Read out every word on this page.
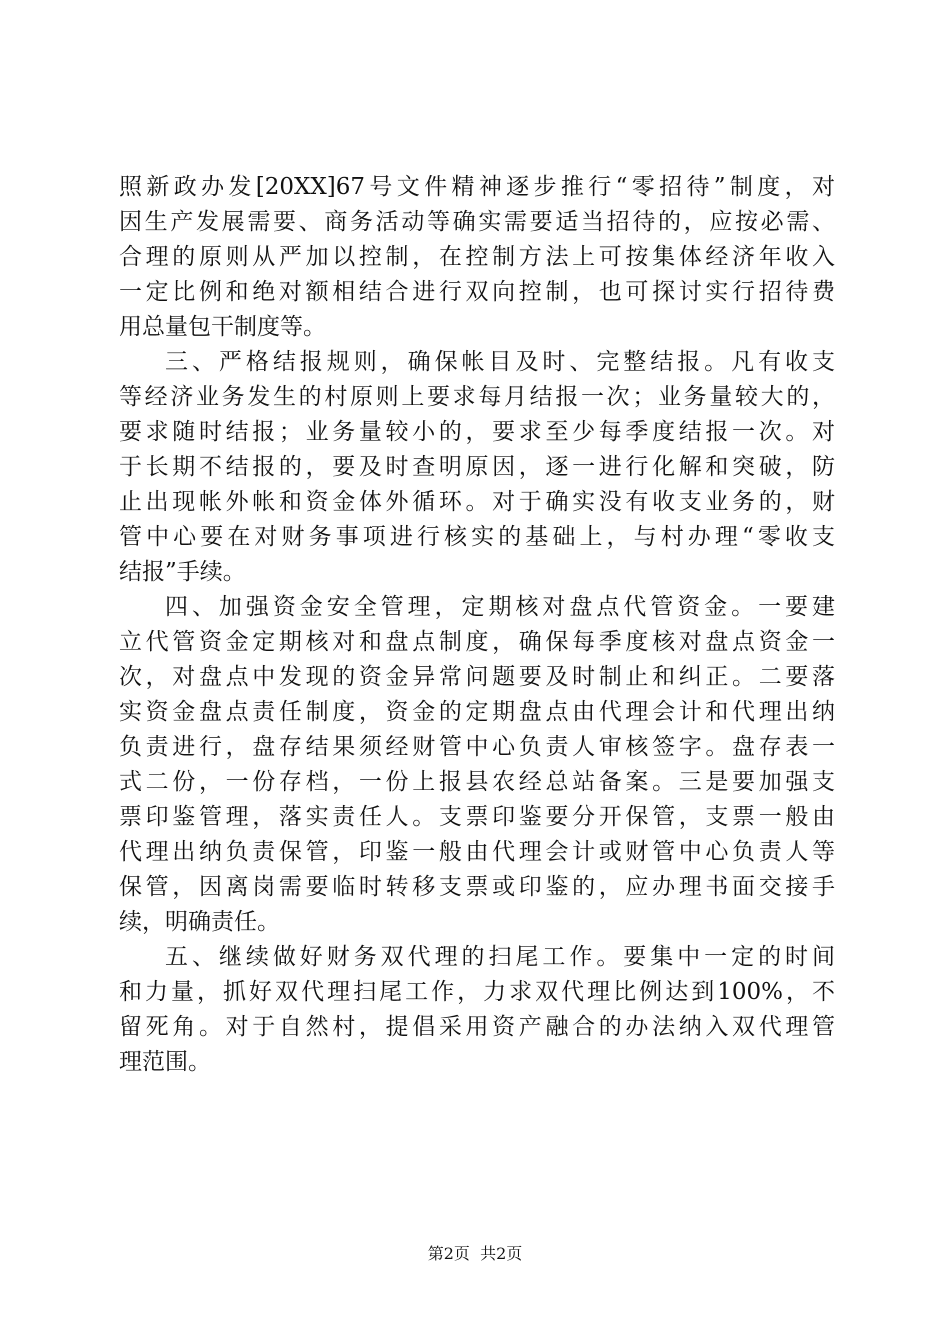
照新政办发[20XX]67号文件精神逐步推行“零招待”制度，对
因生产发展需要、商务活动等确实需要适当招待的，应按必需、
合理的原则从严加以控制，在控制方法上可按集体经济年收入
一定比例和绝对额相结合进行双向控制，也可探讨实行招待费
用总量包干制度等。
三、严格结报规则，确保帐目及时、完整结报。凡有收支
等经济业务发生的村原则上要求每月结报一次；业务量较大的，
要求随时结报；业务量较小的，要求至少每季度结报一次。对
于长期不结报的，要及时查明原因，逐一进行化解和突破，防
止出现帐外帐和资金体外循环。对于确实没有收支业务的，财
管中心要在对财务事项进行核实的基础上，与村办理“零收支
结报”手续。
四、加强资金安全管理，定期核对盘点代管资金。一要建
立代管资金定期核对和盘点制度，确保每季度核对盘点资金一
次，对盘点中发现的资金异常问题要及时制止和纠正。二要落
实资金盘点责任制度，资金的定期盘点由代理会计和代理出纳
负责进行，盘存结果须经财管中心负责人审核签字。盘存表一
式二份，一份存档，一份上报县农经总站备案。三是要加强支
票印鉴管理，落实责任人。支票印鉴要分开保管，支票一般由
代理出纳负责保管，印鉴一般由代理会计或财管中心负责人等
保管，因离岗需要临时转移支票或印鉴的，应办理书面交接手
续，明确责任。
五、继续做好财务双代理的扫尾工作。要集中一定的时间
和力量，抓好双代理扫尾工作，力求双代理比例达到100%，不
留死角。对于自然村，提倡采用资产融合的办法纳入双代理管
理范围。
第2页  共2页
